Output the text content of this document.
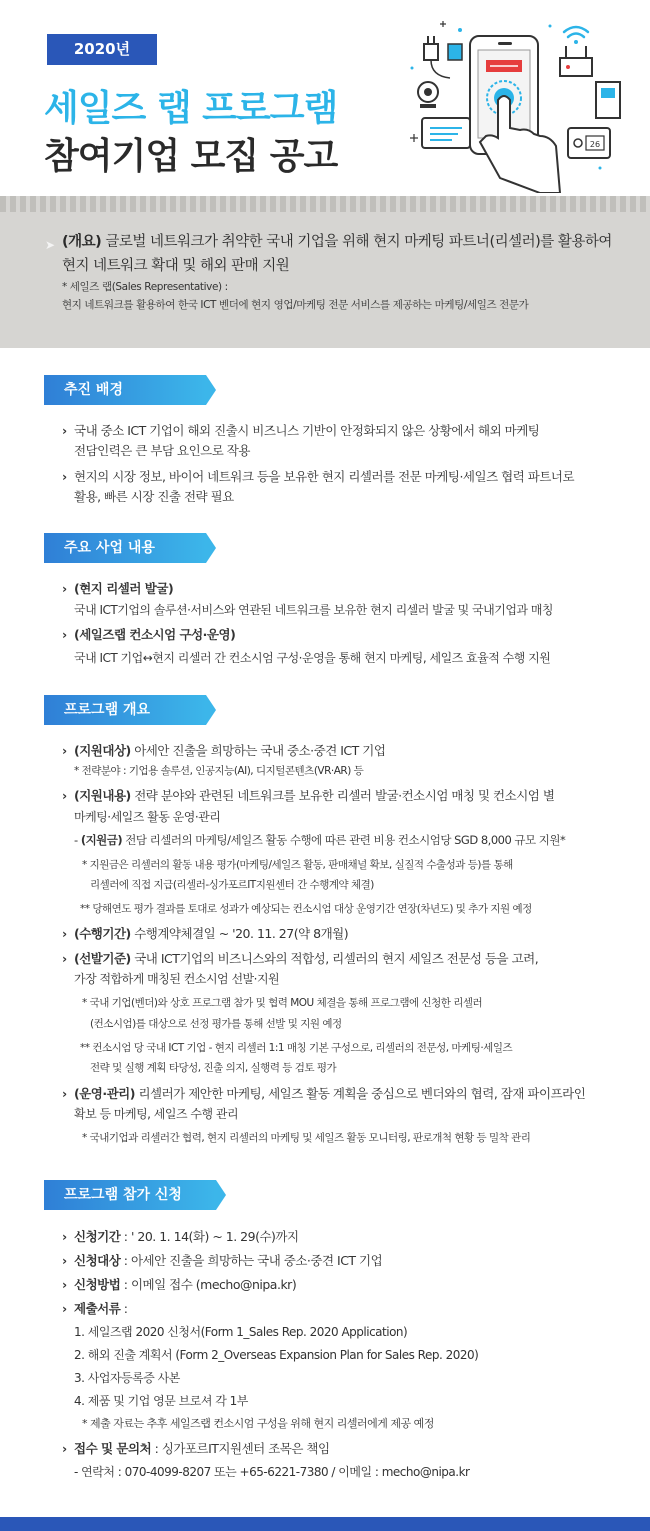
2020년
세일즈 랩 프로그램
참여기업 모집 공고	26
➤ (개요) 글로벌 네트워크가 취약한 국내 기업을 위해 현지 마케팅 파트너(리셀러)를 활용하여
현지 네트워크 확대 및 해외 판매 지원
* 세일즈 랩(Sales Representative) :
현지 네트워크를 활용하여 한국 ICT 벤더에 현지 영업/마케팅 전문 서비스를 제공하는 마케팅/세일즈 전문가
추진 배경
› 국내 중소 ICT 기업이 해외 진출시 비즈니스 기반이 안정화되지 않은 상황에서 해외 마케팅
전담인력은 큰 부담 요인으로 작용
› 현지의 시장 정보, 바이어 네트워크 등을 보유한 현지 리셀러를 전문 마케팅·세일즈 협력 파트너로
활용, 빠른 시장 진출 전략 필요
주요 사업 내용
› (현지 리셀러 발굴)
국내 ICT기업의 솔루션·서비스와 연관된 네트워크를 보유한 현지 리셀러 발굴 및 국내기업과 매칭
› (세일즈랩 컨소시엄 구성·운영)
국내 ICT 기업↔현지 리셀러 간 컨소시엄 구성·운영을 통해 현지 마케팅, 세일즈 효율적 수행 지원
프로그램 개요
› (지원대상) 아세안 진출을 희망하는 국내 중소·중견 ICT 기업
* 전략분야 : 기업용 솔루션, 인공지능(AI), 디지털콘텐츠(VR·AR) 등
› (지원내용) 전략 분야와 관련된 네트워크를 보유한 리셀러 발굴·컨소시엄 매칭 및 컨소시엄 별
마케팅·세일즈 활동 운영·관리
- (지원금) 전담 리셀러의 마케팅/세일즈 활동 수행에 따른 관련 비용 컨소시엄당 SGD 8,000 규모 지원*
* 지원금은 리셀러의 활동 내용 평가(마케팅/세일즈 활동, 판매채널 확보, 실질적 수출성과 등)를 통해
리셀러에 직접 지급(리셀러-싱가포르IT지원센터 간 수행계약 체결)
** 당해연도 평가 결과를 토대로 성과가 예상되는 컨소시엄 대상 운영기간 연장(차년도) 및 추가 지원 예정
› (수행기간) 수행계약체결일 ~ '20. 11. 27(약 8개월)
› (선발기준) 국내 ICT기업의 비즈니스와의 적합성, 리셀러의 현지 세일즈 전문성 등을 고려,
가장 적합하게 매칭된 컨소시엄 선발·지원
* 국내 기업(벤더)와 상호 프로그램 참가 및 협력 MOU 체결을 통해 프로그램에 신청한 리셀러
(컨소시엄)를 대상으로 선정 평가를 통해 선발 및 지원 예정
** 컨소시엄 당 국내 ICT 기업 - 현지 리셀러 1:1 매칭 기본 구성으로, 리셀러의 전문성, 마케팅·세일즈
전략 및 실행 계획 타당성, 진출 의지, 실행력 등 검토 평가
› (운영·관리) 리셀러가 제안한 마케팅, 세일즈 활동 계획을 중심으로 벤더와의 협력, 잠재 파이프라인
확보 등 마케팅, 세일즈 수행 관리
* 국내기업과 리셀러간 협력, 현지 리셀러의 마케팅 및 세일즈 활동 모니터링, 판로개척 현황 등 밀착 관리
프로그램 참가 신청
› 신청기간 : ' 20. 1. 14(화) ~ 1. 29(수)까지
› 신청대상 : 아세안 진출을 희망하는 국내 중소·중견 ICT 기업
› 신청방법 : 이메일 접수 (mecho@nipa.kr)
› 제출서류 :
1. 세일즈랩 2020 신청서(Form 1_Sales Rep. 2020 Application)
2. 해외 진출 계획서 (Form 2_Overseas Expansion Plan for Sales Rep. 2020)
3. 사업자등록증 사본
4. 제품 및 기업 영문 브로셔 각 1부
* 제출 자료는 추후 세일즈랩 컨소시엄 구성을 위해 현지 리셀러에게 제공 예정
› 접수 및 문의처 : 싱가포르IT지원센터 조목은 책임
- 연락처 : 070-4099-8207 또는 +65-6221-7380 / 이메일 : mecho@nipa.kr
